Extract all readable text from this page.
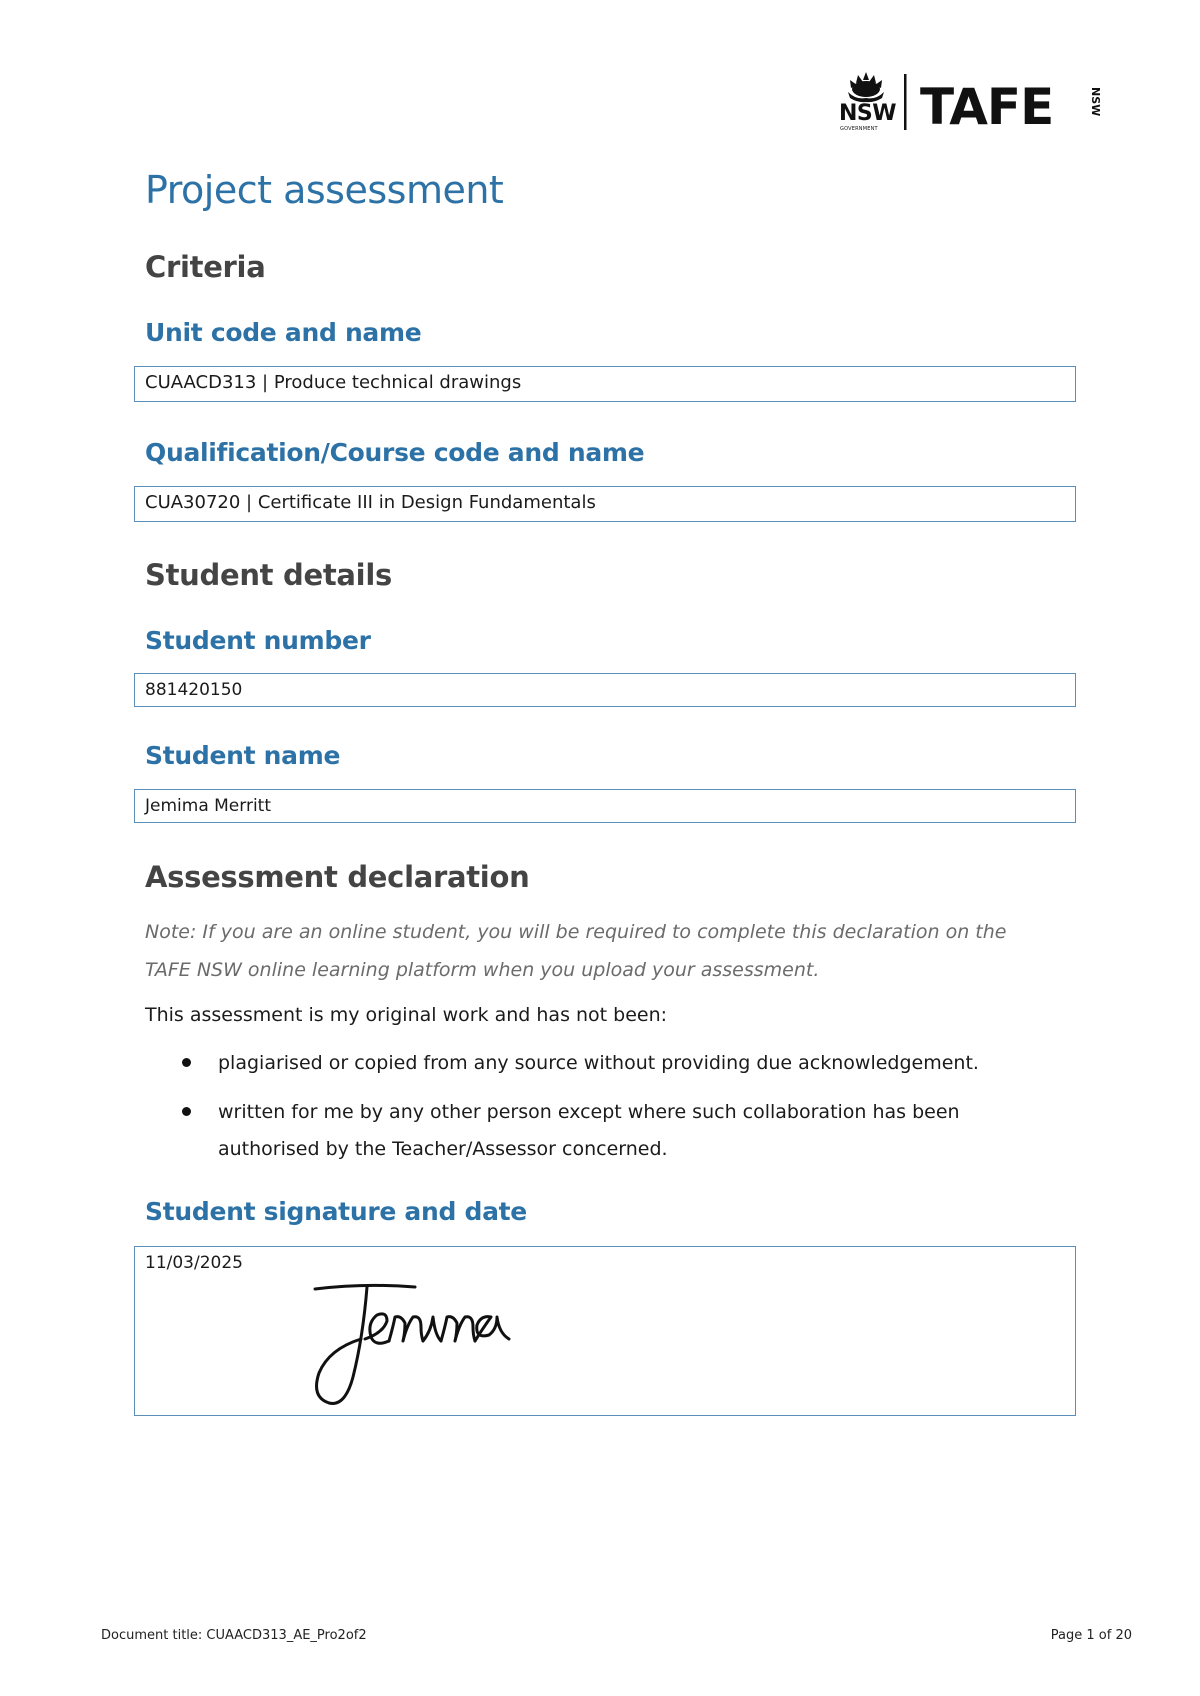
NSW
GOVERNMENT TAFE	NSW
Project assessment
Criteria
Unit code and name
CUAACD313 | Produce technical drawings
Qualification/Course code and name
CUA30720 | Certificate III in Design Fundamentals
Student details
Student number
881420150
Student name
Jemima Merritt
Assessment declaration
Note: If you are an online student, you will be required to complete this declaration on the
TAFE NSW online learning platform when you upload your assessment.

This assessment is my original work and has not been:

plagiarised or copied from any source without providing due acknowledgement.

written for me by any other person except where such collaboration has been
authorised by the Teacher/Assessor concerned.
Student signature and date
11/03/2025
Document title: CUAACD313_AE_Pro2of2	Page 1 of 20
